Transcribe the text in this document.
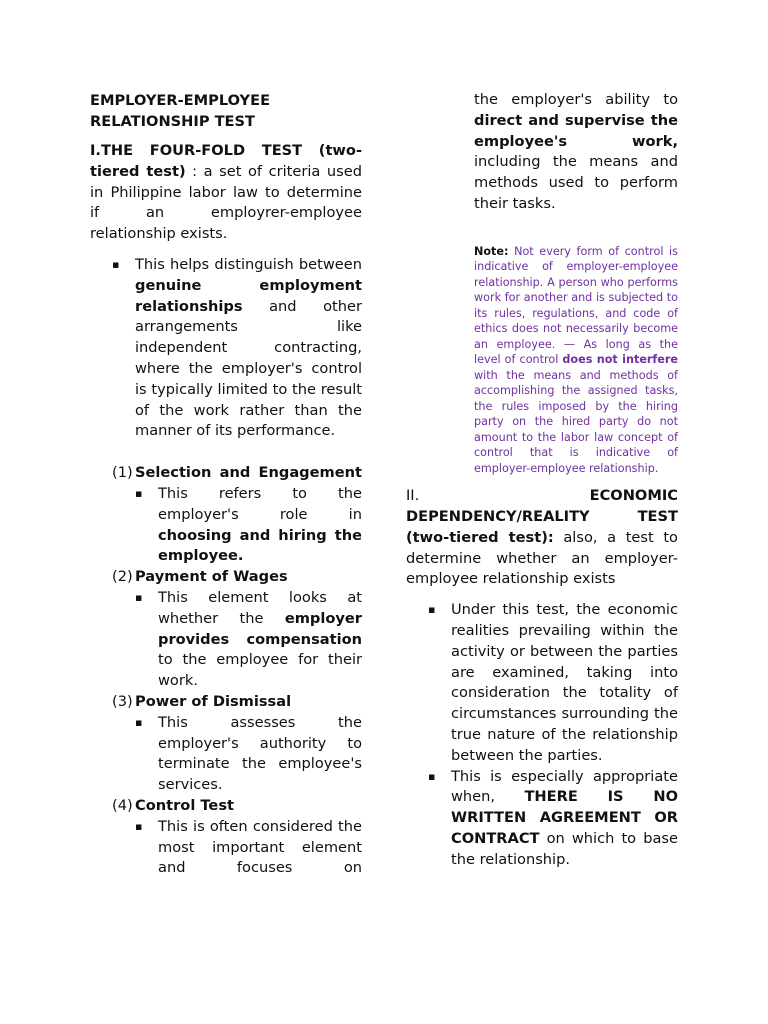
EMPLOYER-EMPLOYEE RELATIONSHIP TEST

I.THE FOUR-FOLD TEST (two-tiered test) : a set of criteria used in Philippine labor law to determine if an employrer-employee relationship exists.

▪ This helps distinguish between genuine employment relationships and other arrangements like independent contracting, where the employer's control is typically limited to the result of the work rather than the manner of its performance.
(1) Selection and Engagement
▪ This refers to the employer's role in choosing and hiring the employee.
(2) Payment of Wages
▪ This element looks at whether the employer provides compensation to the employee for their work.
(3) Power of Dismissal
▪ This assesses the employer's authority to terminate the employee's services.
(4) Control Test
▪ This is often considered the most important element and focuses on

the employer's ability to direct and supervise the employee's work, including the means and methods used to perform their tasks.

Note: Not every form of control is indicative of employer-employee relationship. A person who performs work for another and is subjected to its rules, regulations, and code of ethics does not necessarily become an employee. — As long as the level of control does not interfere with the means and methods of accomplishing the assigned tasks, the rules imposed by the hiring party on the hired party do not amount to the labor law concept of control that is indicative of employer-employee relationship.

II.	ECONOMIC DEPENDENCY/REALITY TEST (two-tiered test): also, a test to determine whether an employer-employee relationship exists

▪ Under this test, the economic realities prevailing within the activity or between the parties are examined, taking into consideration the totality of circumstances surrounding the true nature of the relationship between the parties.
▪ This is especially appropriate when, THERE IS NO WRITTEN AGREEMENT OR CONTRACT on which to base the relationship.
